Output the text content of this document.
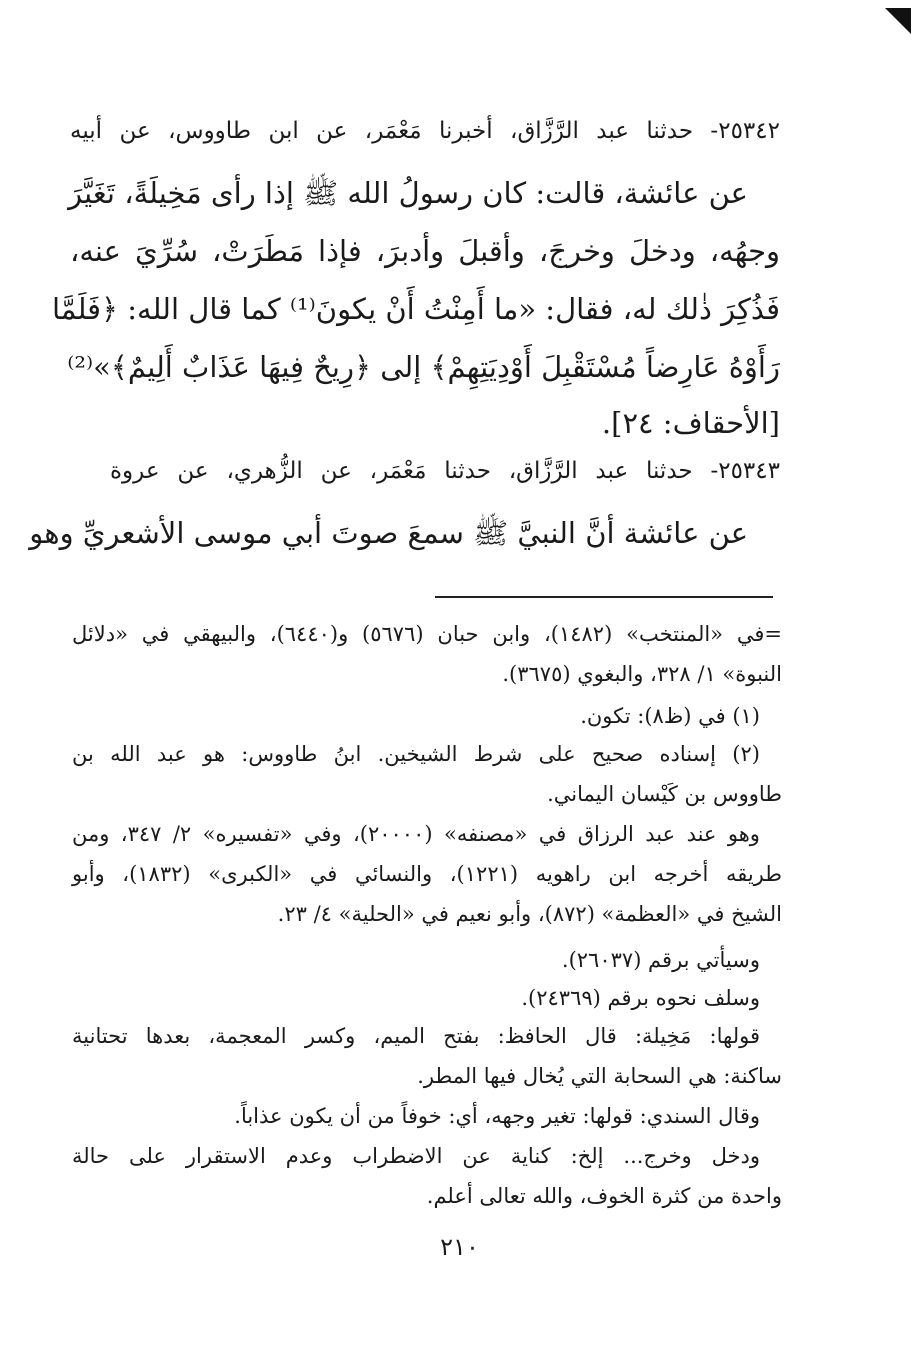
٢٥٣٤٢- حدثنا عبد الرَّزَّاق، أخبرنا مَعْمَر، عن ابن طاووس، عن أبيه
عن عائشة، قالت: كان رسولُ الله ﷺ إذا رأى مَخِيلَةً، تَغَيَّرَ
وجهُه، ودخلَ وخرجَ، وأقبلَ وأدبرَ، فإذا مَطَرَتْ، سُرِّيَ عنه،
فَذُكِرَ ذٰلك له، فقال: «ما أَمِنْتُ أَنْ يكونَ⁽¹⁾ كما قال الله: ﴿فَلَمَّا
رَأَوْهُ عَارِضاً مُسْتَقْبِلَ أَوْدِيَتِهِمْ﴾ إلى ﴿رِيحٌ فِيهَا عَذَابٌ أَلِيمٌ﴾»⁽²⁾
[الأحقاف: ٢٤].
٢٥٣٤٣- حدثنا عبد الرَّزَّاق، حدثنا مَعْمَر، عن الزُّهري، عن عروة
عن عائشة أنَّ النبيَّ ﷺ سمعَ صوتَ أبي موسى الأشعريِّ وهو
=في «المنتخب» (١٤٨٢)، وابن حبان (٥٦٧٦) و(٦٤٤٠)، والبيهقي في «دلائل
النبوة» ١/ ٣٢٨، والبغوي (٣٦٧٥).
(١) في (ظ٨): تكون.
(٢) إسناده صحيح على شرط الشيخين. ابنُ طاووس: هو عبد الله بن
طاووس بن كَيْسان اليماني.
وهو عند عبد الرزاق في «مصنفه» (٢٠٠٠٠)، وفي «تفسيره» ٢/ ٣٤٧، ومن
طريقه أخرجه ابن راهويه (١٢٢١)، والنسائي في «الكبرى» (١٨٣٢)، وأبو
الشيخ في «العظمة» (٨٧٢)، وأبو نعيم في «الحلية» ٤/ ٢٣.
وسيأتي برقم (٢٦٠٣٧).
وسلف نحوه برقم (٢٤٣٦٩).
قولها: مَخِيلة: قال الحافظ: بفتح الميم، وكسر المعجمة، بعدها تحتانية
ساكنة: هي السحابة التي يُخال فيها المطر.
وقال السندي: قولها: تغير وجهه، أي: خوفاً من أن يكون عذاباً.
ودخل وخرج... إلخ: كناية عن الاضطراب وعدم الاستقرار على حالة
واحدة من كثرة الخوف، والله تعالى أعلم.
٢١٠
